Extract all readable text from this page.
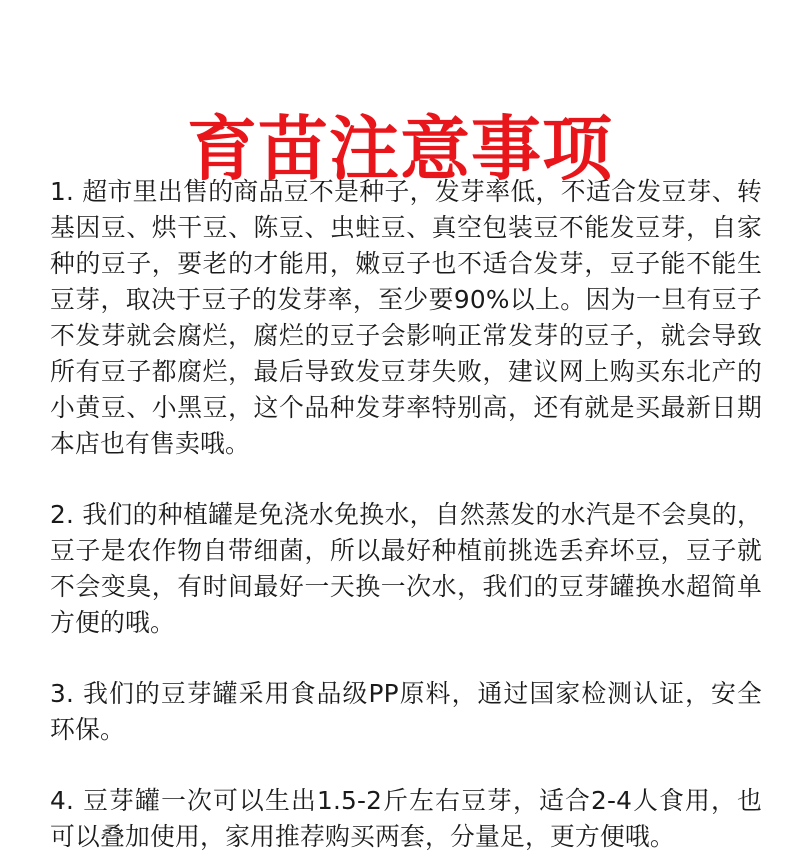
育苗注意事项

1. 超市里出售的商品豆不是种子，发芽率低，不适合发豆芽、转基因豆、烘干豆、陈豆、虫蛀豆、真空包装豆不能发豆芽，自家种的豆子，要老的才能用，嫩豆子也不适合发芽，豆子能不能生豆芽，取决于豆子的发芽率，至少要90%以上。因为一旦有豆子不发芽就会腐烂，腐烂的豆子会影响正常发芽的豆子，就会导致所有豆子都腐烂，最后导致发豆芽失败，建议网上购买东北产的小黄豆、小黑豆，这个品种发芽率特别高，还有就是买最新日期本店也有售卖哦。

2. 我们的种植罐是免浇水免换水，自然蒸发的水汽是不会臭的，豆子是农作物自带细菌，所以最好种植前挑选丢弃坏豆，豆子就不会变臭，有时间最好一天换一次水，我们的豆芽罐换水超简单方便的哦。

3. 我们的豆芽罐采用食品级PP原料，通过国家检测认证，安全环保。

4. 豆芽罐一次可以生出1.5-2斤左右豆芽，适合2-4人食用，也可以叠加使用，家用推荐购买两套，分量足，更方便哦。
